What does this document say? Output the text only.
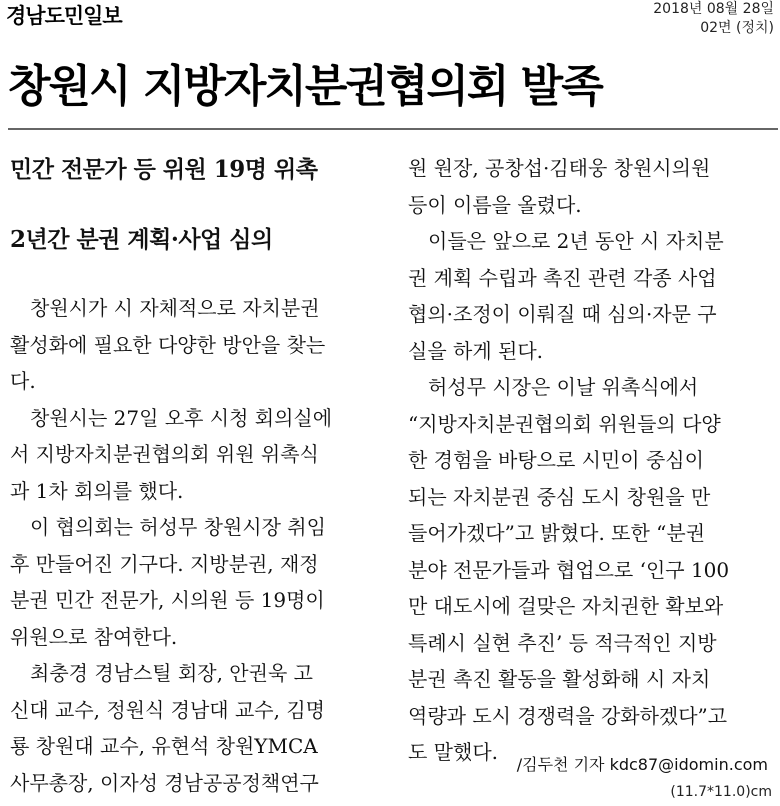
경남도민일보	2018년 08월 28일
02면 (정치)
창원시 지방자치분권협의회 발족
민간 전문가 등 위원 19명 위촉
2년간 분권 계획·사업 심의
　창원시가 시 자체적으로 자치분권
활성화에 필요한 다양한 방안을 찾는
다.
　창원시는 27일 오후 시청 회의실에
서 지방자치분권협의회 위원 위촉식
과 1차 회의를 했다.
　이 협의회는 허성무 창원시장 취임
후 만들어진 기구다. 지방분권, 재정
분권 민간 전문가, 시의원 등 19명이
위원으로 참여한다.
　최충경 경남스틸 회장, 안권욱 고
신대 교수, 정원식 경남대 교수, 김명
룡 창원대 교수, 유현석 창원YMCA
사무총장, 이자성 경남공공정책연구
원 원장, 공창섭·김태웅 창원시의원
등이 이름을 올렸다.
　이들은 앞으로 2년 동안 시 자치분
권 계획 수립과 촉진 관련 각종 사업
협의·조정이 이뤄질 때 심의·자문 구
실을 하게 된다.
　허성무 시장은 이날 위촉식에서
“지방자치분권협의회 위원들의 다양
한 경험을 바탕으로 시민이 중심이
되는 자치분권 중심 도시 창원을 만
들어가겠다”고 밝혔다. 또한 “분권
분야 전문가들과 협업으로 ‘인구 100
만 대도시에 걸맞은 자치권한 확보와
특례시 실현 추진’ 등 적극적인 지방
분권 촉진 활동을 활성화해 시 자치
역량과 도시 경쟁력을 강화하겠다”고
도 말했다.
/김두천 기자 kdc87@idomin.com
(11.7*11.0)cm
